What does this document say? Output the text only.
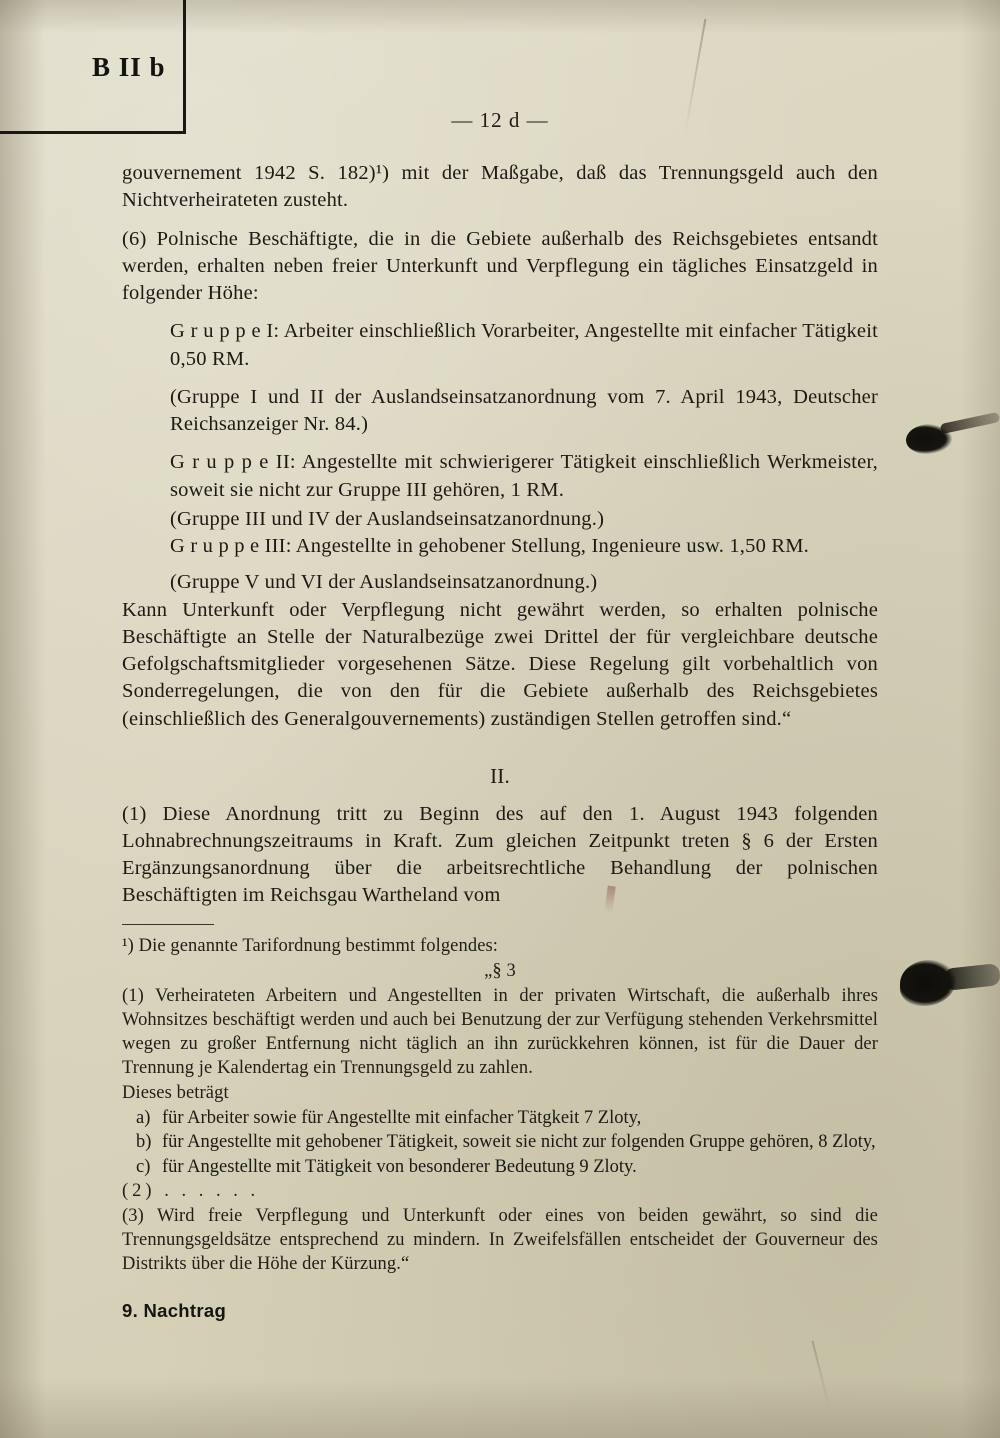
B II b
— 12 d —

gouvernement 1942 S. 182)¹) mit der Maßgabe, daß das Trennungsgeld auch den Nichtverheirateten zusteht.

(6) Polnische Beschäftigte, die in die Gebiete außerhalb des Reichsgebietes entsandt werden, erhalten neben freier Unterkunft und Verpflegung ein tägliches Einsatzgeld in folgender Höhe:

G r u p p e I: Arbeiter einschließlich Vorarbeiter, Angestellte mit einfacher Tätigkeit 0,50 RM.

(Gruppe I und II der Auslandseinsatzanordnung vom 7. April 1943, Deutscher Reichsanzeiger Nr. 84.)

G r u p p e II: Angestellte mit schwierigerer Tätigkeit einschließlich Werkmeister, soweit sie nicht zur Gruppe III gehören, 1 RM.

(Gruppe III und IV der Auslandseinsatzanordnung.)

G r u p p e III: Angestellte in gehobener Stellung, Ingenieure usw. 1,50 RM.

(Gruppe V und VI der Auslandseinsatzanordnung.)

Kann Unterkunft oder Verpflegung nicht gewährt werden, so erhalten polnische Beschäftigte an Stelle der Naturalbezüge zwei Drittel der für vergleichbare deutsche Gefolgschaftsmitglieder vorgesehenen Sätze. Diese Regelung gilt vorbehaltlich von Sonderregelungen, die von den für die Gebiete außerhalb des Reichsgebietes (einschließlich des Generalgouvernements) zuständigen Stellen getroffen sind.“

II.

(1) Diese Anordnung tritt zu Beginn des auf den 1. August 1943 folgenden Lohnabrechnungszeitraums in Kraft. Zum gleichen Zeitpunkt treten § 6 der Ersten Ergänzungsanordnung über die arbeitsrechtliche Behandlung der polnischen Beschäftigten im Reichsgau Wartheland vom

¹) Die genannte Tarifordnung bestimmt folgendes:

„§ 3

(1) Verheirateten Arbeitern und Angestellten in der privaten Wirtschaft, die außerhalb ihres Wohnsitzes beschäftigt werden und auch bei Benutzung der zur Verfügung stehenden Verkehrsmittel wegen zu großer Entfernung nicht täglich an ihn zurückkehren können, ist für die Dauer der Trennung je Kalendertag ein Trennungsgeld zu zahlen.

Dieses beträgt

a) für Arbeiter sowie für Angestellte mit einfacher Tätgkeit 7 Zloty,
b) für Angestellte mit gehobener Tätigkeit, soweit sie nicht zur folgenden Gruppe gehören, 8 Zloty,
c) für Angestellte mit Tätigkeit von besonderer Bedeutung 9 Zloty.

(2) . . . . . .

(3) Wird freie Verpflegung und Unterkunft oder eines von beiden gewährt, so sind die Trennungsgeldsätze entsprechend zu mindern. In Zweifelsfällen entscheidet der Gouverneur des Distrikts über die Höhe der Kürzung.“

9. Nachtrag
